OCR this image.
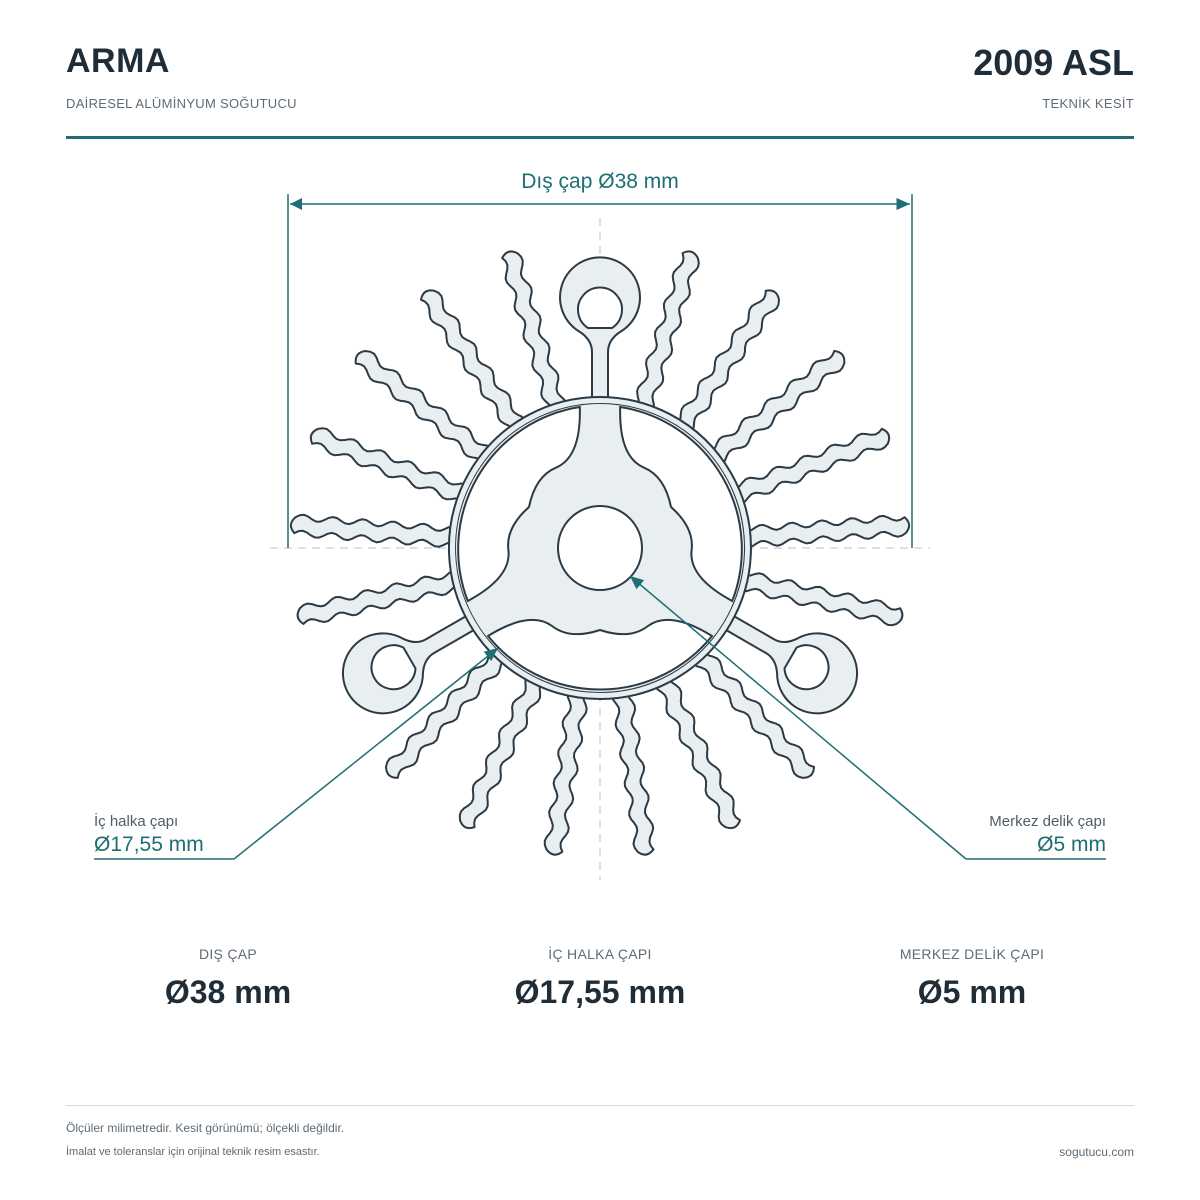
ARMA
DAİRESEL ALÜMİNYUM SOĞUTUCU
2009 ASL
TEKNİK KESİT
Dış çap Ø38 mm
İç halka çapı
Ø17,55 mm
Merkez delik çapı
Ø5 mm
DIŞ ÇAP
Ø38 mm
İÇ HALKA ÇAPI
Ø17,55 mm
MERKEZ DELİK ÇAPI
Ø5 mm
Ölçüler milimetredir. Kesit görünümü; ölçekli değildir.
İmalat ve toleranslar için orijinal teknik resim esastır.	sogutucu.com
